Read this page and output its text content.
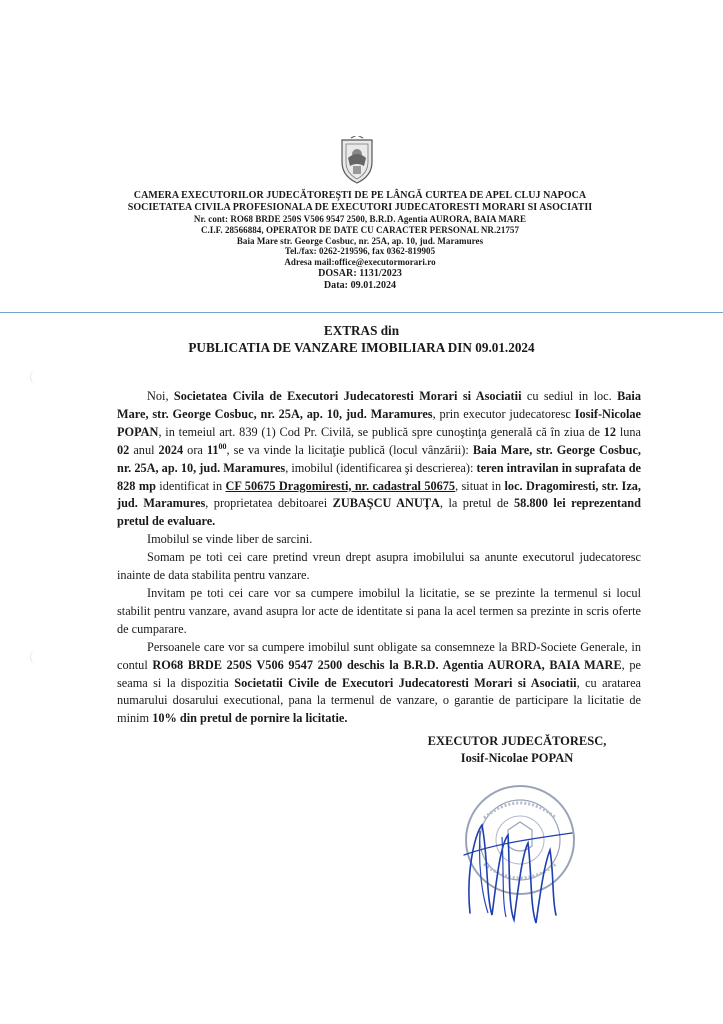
CAMERA EXECUTORILOR JUDECĂTOREŞTI DE PE LÂNGĂ CURTEA DE APEL CLUJ NAPOCA
SOCIETATEA CIVILA PROFESIONALA DE EXECUTORI JUDECATORESTI MORARI SI ASOCIATII
Nr. cont: RO68 BRDE 250S V506 9547 2500, B.R.D. Agentia AURORA, BAIA MARE
C.I.F. 28566884, OPERATOR DE DATE CU CARACTER PERSONAL NR.21757
Baia Mare str. George Cosbuc, nr. 25A, ap. 10, jud. Maramures
Tel./fax: 0262-219596, fax 0362-819905
Adresa mail:office@executormorari.ro
DOSAR: 1131/2023
Data: 09.01.2024
EXTRAS din
PUBLICATIA DE VANZARE IMOBILIARA DIN 09.01.2024

Noi, Societatea Civila de Executori Judecatoresti Morari si Asociatii cu sediul in loc. Baia Mare, str. George Cosbuc, nr. 25A, ap. 10, jud. Maramures, prin executor judecatoresc Iosif-Nicolae POPAN, in temeiul art. 839 (1) Cod Pr. Civilă, se publică spre cunoştinţa generală că în ziua de 12 luna 02 anul 2024 ora $11^{00}$, se va vinde la licitaţie publică (locul vânzării): Baia Mare, str. George Cosbuc, nr. 25A, ap. 10, jud. Maramures, imobilul (identificarea şi descrierea): teren intravilan in suprafata de 828 mp identificat in CF 50675 Dragomiresti, nr. cadastral 50675, situat in loc. Dragomiresti, str. Iza, jud. Maramures, proprietatea debitoarei ZUBAŞCU ANUŢA, la pretul de 58.800 lei reprezentand pretul de evaluare.

Imobilul se vinde liber de sarcini.

Somam pe toti cei care pretind vreun drept asupra imobilului sa anunte executorul judecatoresc inainte de data stabilita pentru vanzare.

Invitam pe toti cei care vor sa cumpere imobilul la licitatie, se se prezinte la termenul si locul stabilit pentru vanzare, avand asupra lor acte de identitate si pana la acel termen sa prezinte in scris oferte de cumparare.

Persoanele care vor sa cumpere imobilul sunt obligate sa consemneze la BRD-Societe Generale, in contul RO68 BRDE 250S V506 9547 2500 deschis la B.R.D. Agentia AURORA, BAIA MARE, pe seama si la dispozitia Societatii Civile de Executori Judecatoresti Morari si Asociatii, cu aratarea numarului dosarului executional, pana la termenul de vanzare, o garantie de participare la licitatie de minim 10% din pretul de pornire la licitatie.

EXECUTOR JUDECĂTORESC,
Iosif-Nicolae POPAN
